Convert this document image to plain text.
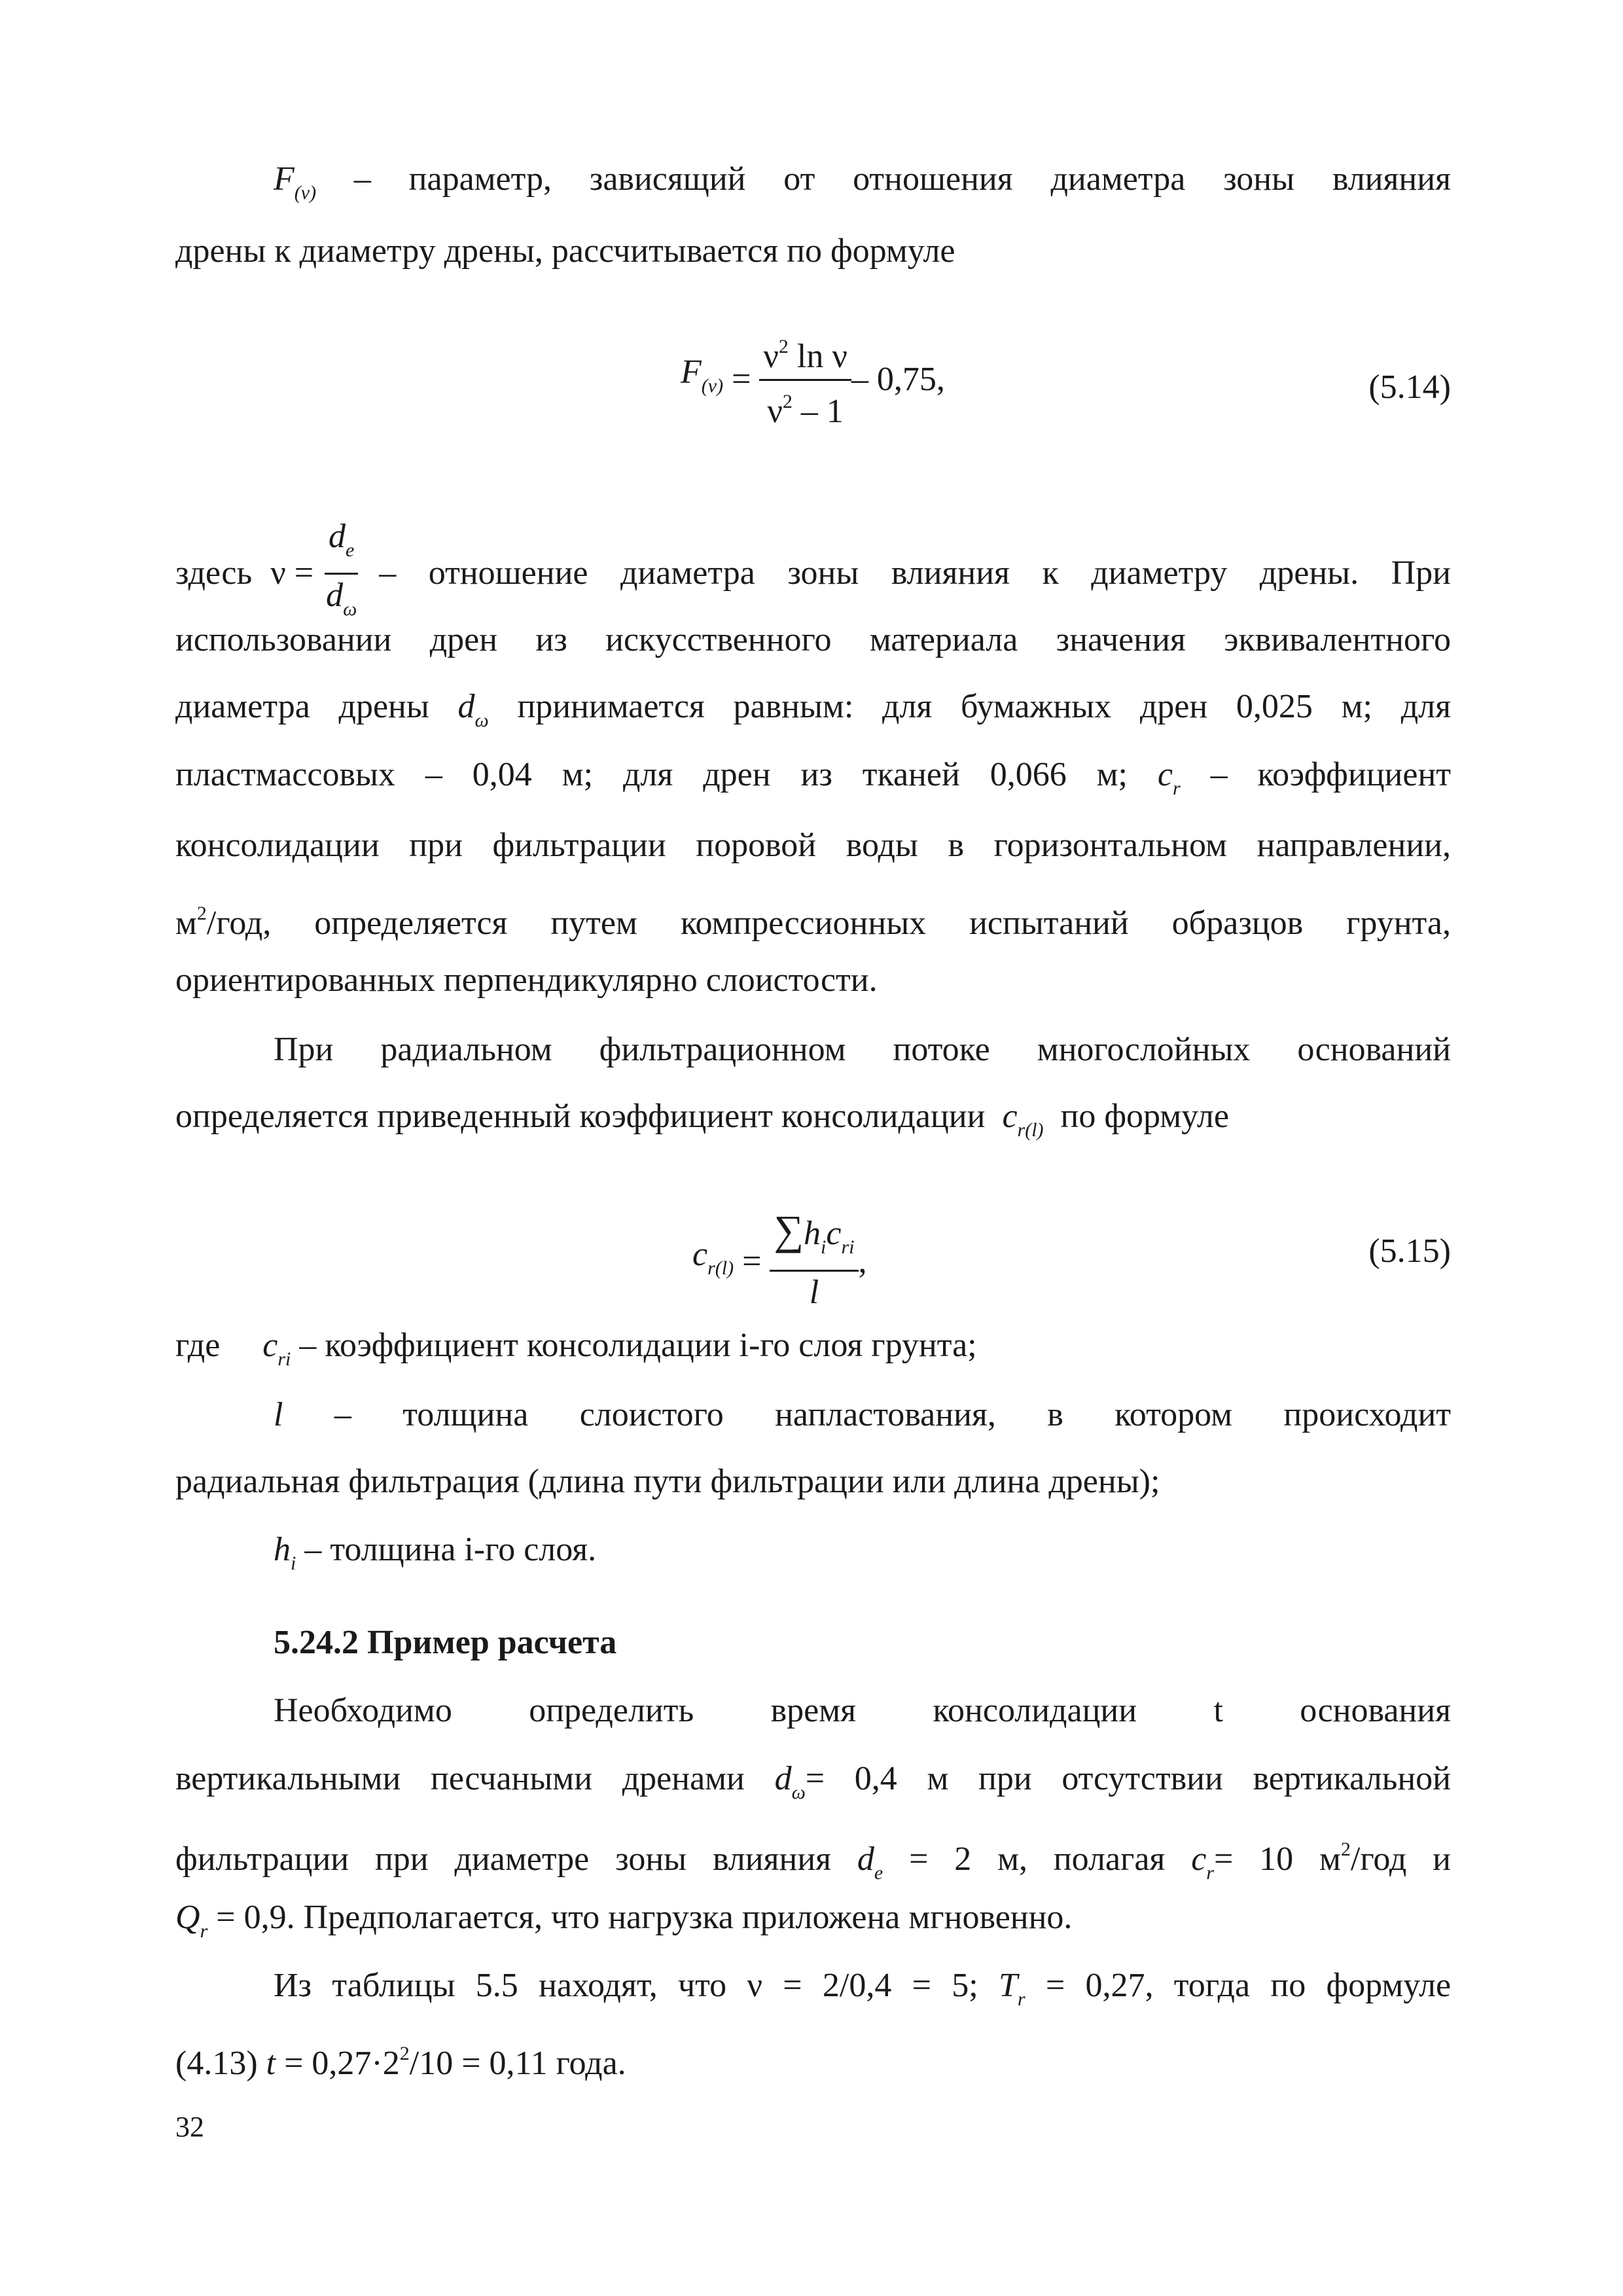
$F_{(\nu)}$ – параметр, зависящий от отношения диаметра зоны влияния
дрены к диаметру дрены, рассчитывается по формуле
$F_{(\nu)} = \frac{\nu^2 \ln \nu}{\nu^2 - 1} - 0,75$,	(5.14)
здесь $\nu = \frac{d_e}{d_\omega}$ – отношение диаметра зоны влияния к диаметру дрены. При
использовании дрен из искусственного материала значения эквивалентного
диаметра дрены $d_\omega$ принимается равным: для бумажных дрен 0,025 м; для
пластмассовых – 0,04 м; для дрен из тканей 0,066 м; $c_r$ – коэффициент
консолидации при фильтрации поровой воды в горизонтальном направлении,
$м^2$/год, определяется путем компрессионных испытаний образцов грунта,
ориентированных перпендикулярно слоистости.
При радиальном фильтрационном потоке многослойных оснований
определяется приведенный коэффициент консолидации $c_{r(l)}$ по формуле
$c_{r(l)} = \frac{\sum h_ic_{ri}}{l}$ ,	(5.15)
где $c_{ri}$ – коэффициент консолидации i-го слоя грунта;
l – толщина слоистого напластования, в котором происходит
радиальная фильтрация (длина пути фильтрации или длина дрены);
$h_i$ – толщина i-го слоя.
5.24.2 Пример расчета
Необходимо определить время консолидации t основания
вертикальными песчаными дренами $d_\omega= 0,4$ м при отсутствии вертикальной
фильтрации при диаметре зоны влияния $d_e = 2$ м, полагая $c_r= 10$ $м^2$/год и
$Q_r = 0,9$. Предполагается, что нагрузка приложена мгновенно.
Из таблицы 5.5 находят, что ν = 2/0,4 = 5; $T_r = 0,27$, тогда по формуле
(4.13) $t = 0,27\cdot 2^2/10 = 0,11$ года.
32
